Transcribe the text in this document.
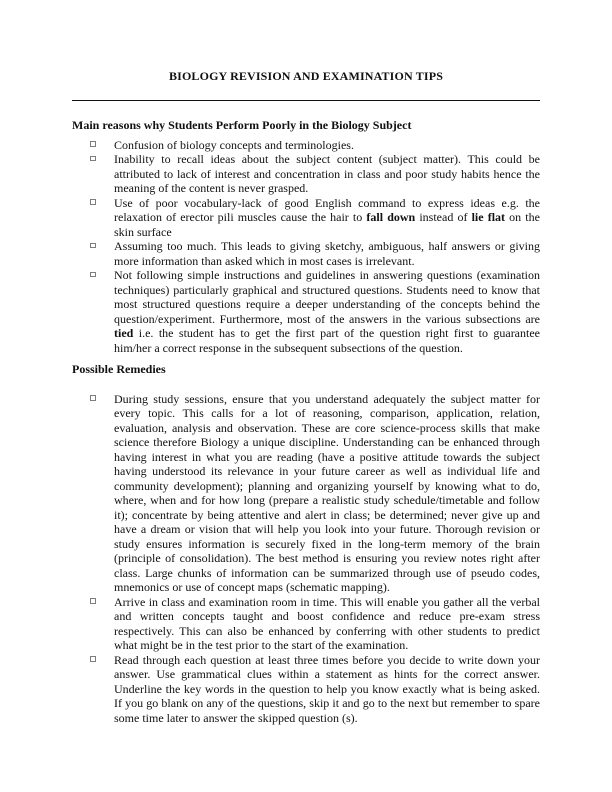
BIOLOGY REVISION AND EXAMINATION TIPS
Main reasons why Students Perform Poorly in the Biology Subject
Confusion of biology concepts and terminologies.
Inability to recall ideas about the subject content (subject matter). This could be attributed to lack of interest and concentration in class and poor study habits hence the meaning of the content is never grasped.
Use of poor vocabulary-lack of good English command to express ideas e.g. the relaxation of erector pili muscles cause the hair to fall down instead of lie flat on the skin surface
Assuming too much. This leads to giving sketchy, ambiguous, half answers or giving more information than asked which in most cases is irrelevant.
Not following simple instructions and guidelines in answering questions (examination techniques) particularly graphical and structured questions. Students need to know that most structured questions require a deeper understanding of the concepts behind the question/experiment. Furthermore, most of the answers in the various subsections are tied i.e. the student has to get the first part of the question right first to guarantee him/her a correct response in the subsequent subsections of the question.
Possible Remedies
During study sessions, ensure that you understand adequately the subject matter for every topic. This calls for a lot of reasoning, comparison, application, relation, evaluation, analysis and observation. These are core science-process skills that make science therefore Biology a unique discipline. Understanding can be enhanced through having interest in what you are reading (have a positive attitude towards the subject having understood its relevance in your future career as well as individual life and community development); planning and organizing yourself by knowing what to do, where, when and for how long (prepare a realistic study schedule/timetable and follow it); concentrate by being attentive and alert in class; be determined; never give up and have a dream or vision that will help you look into your future. Thorough revision or study ensures information is securely fixed in the long-term memory of the brain (principle of consolidation). The best method is ensuring you review notes right after class. Large chunks of information can be summarized through use of pseudo codes, mnemonics or use of concept maps (schematic mapping).
Arrive in class and examination room in time. This will enable you gather all the verbal and written concepts taught and boost confidence and reduce pre-exam stress respectively. This can also be enhanced by conferring with other students to predict what might be in the test prior to the start of the examination.
Read through each question at least three times before you decide to write down your answer. Use grammatical clues within a statement as hints for the correct answer. Underline the key words in the question to help you know exactly what is being asked. If you go blank on any of the questions, skip it and go to the next but remember to spare some time later to answer the skipped question (s).
